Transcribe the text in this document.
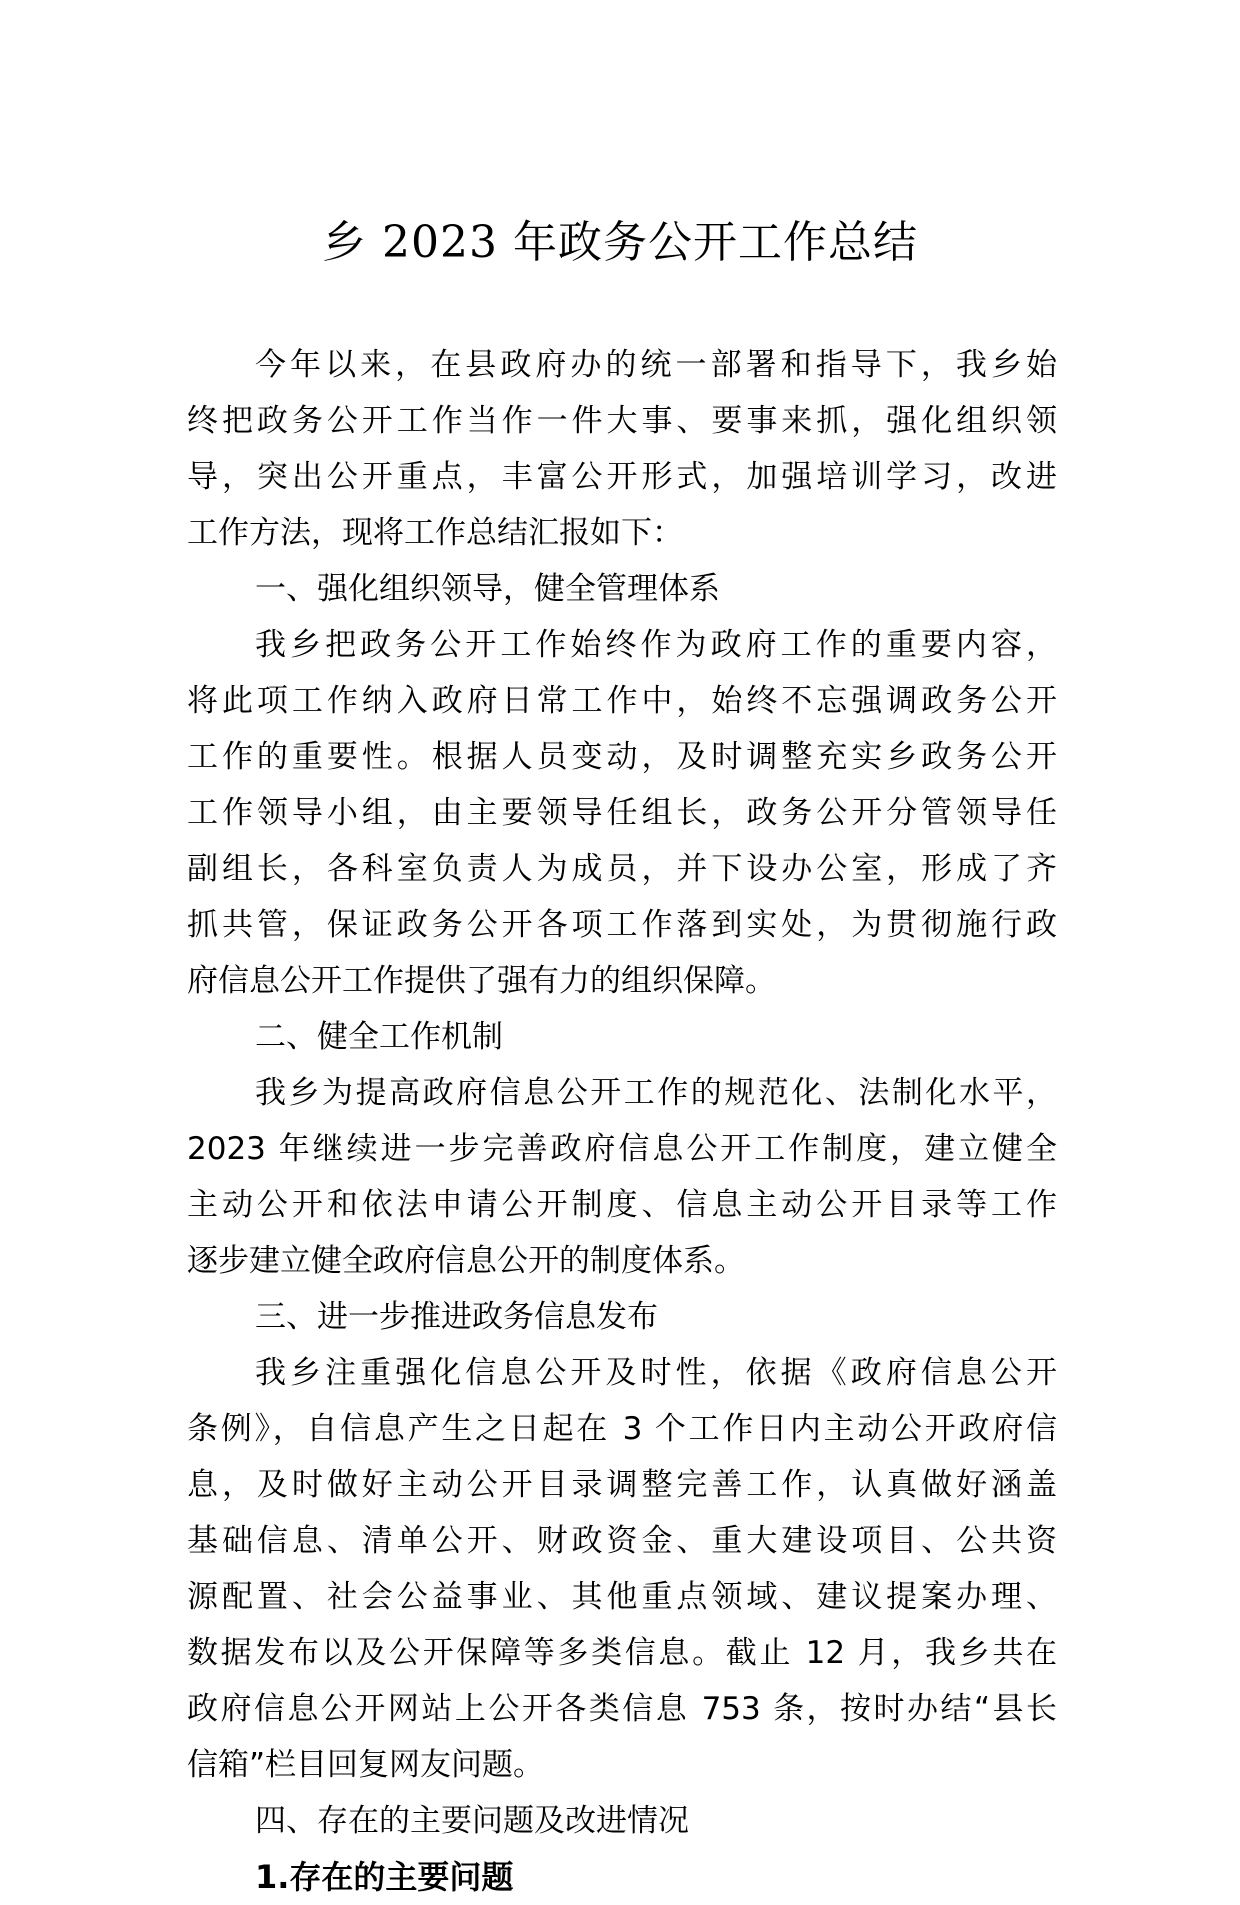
乡 2023 年政务公开工作总结
今年以来，在县政府办的统一部署和指导下，我乡始
终把政务公开工作当作一件大事、要事来抓，强化组织领
导，突出公开重点，丰富公开形式，加强培训学习，改进
工作方法，现将工作总结汇报如下：
一、强化组织领导，健全管理体系
我乡把政务公开工作始终作为政府工作的重要内容，
将此项工作纳入政府日常工作中，始终不忘强调政务公开
工作的重要性。根据人员变动，及时调整充实乡政务公开
工作领导小组，由主要领导任组长，政务公开分管领导任
副组长，各科室负责人为成员，并下设办公室，形成了齐
抓共管，保证政务公开各项工作落到实处，为贯彻施行政
府信息公开工作提供了强有力的组织保障。
二、健全工作机制
我乡为提高政府信息公开工作的规范化、法制化水平，
2023 年继续进一步完善政府信息公开工作制度，建立健全
主动公开和依法申请公开制度、信息主动公开目录等工作
逐步建立健全政府信息公开的制度体系。
三、进一步推进政务信息发布
我乡注重强化信息公开及时性，依据《政府信息公开
条例》，自信息产生之日起在 3 个工作日内主动公开政府信
息，及时做好主动公开目录调整完善工作，认真做好涵盖
基础信息、清单公开、财政资金、重大建设项目、公共资
源配置、社会公益事业、其他重点领域、建议提案办理、
数据发布以及公开保障等多类信息。截止 12 月，我乡共在
政府信息公开网站上公开各类信息 753 条，按时办结“县长
信箱”栏目回复网友问题。
四、存在的主要问题及改进情况
1.存在的主要问题
